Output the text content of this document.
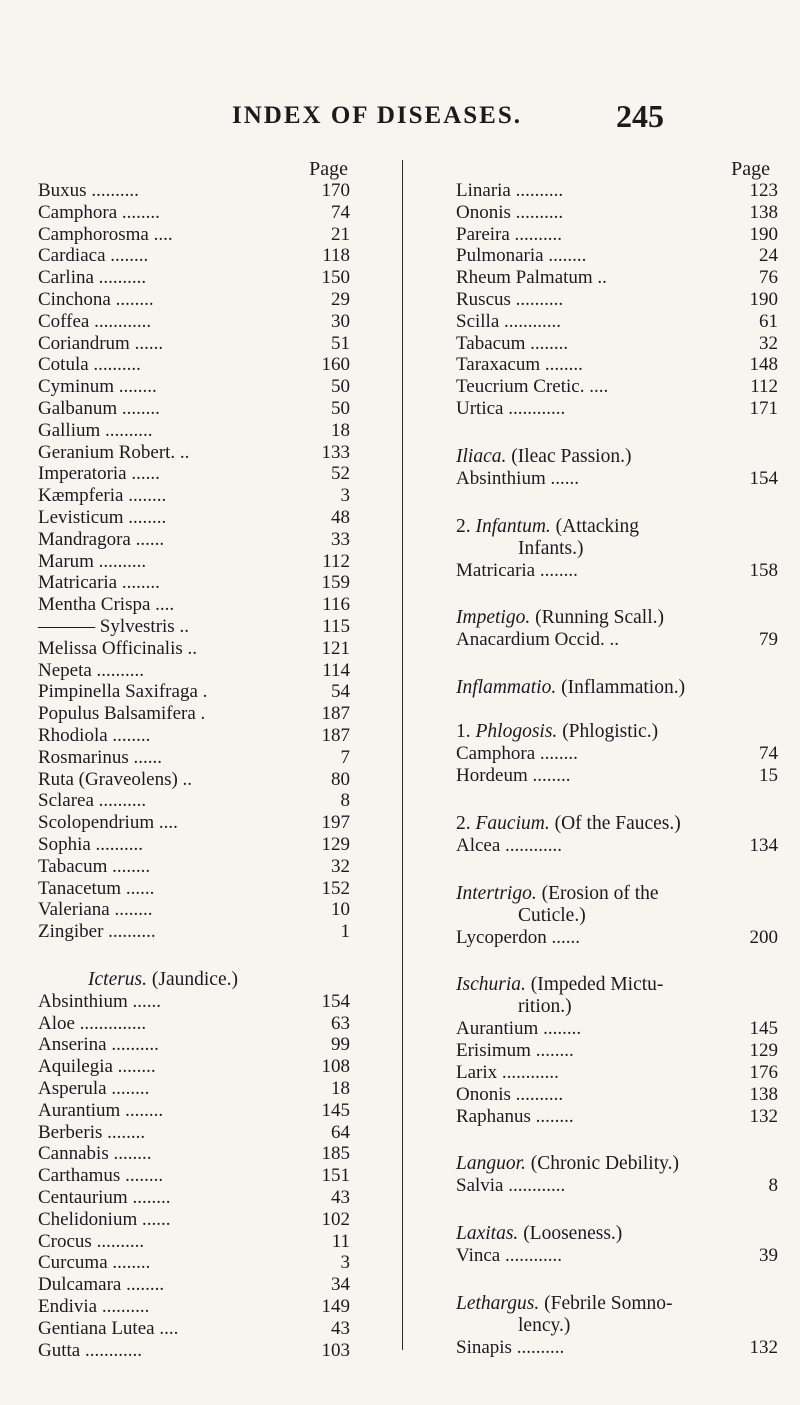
INDEX OF DISEASES.	245
Page
Buxus ..........	170
Camphora ........	74
Camphorosma ....	21
Cardiaca ........	118
Carlina ..........	150
Cinchona ........	29
Coffea ............	30
Coriandrum ......	51
Cotula ..........	160
Cyminum ........	50
Galbanum ........	50
Gallium ..........	18
Geranium Robert. ..	133
Imperatoria ......	52
Kæmpferia ........	3
Levisticum ........	48
Mandragora ......	33
Marum ..........	112
Matricaria ........	159
Mentha Crispa ....	116
——— Sylvestris ..	115
Melissa Officinalis ..	121
Nepeta ..........	114
Pimpinella Saxifraga .	54
Populus Balsamifera .	187
Rhodiola ........	187
Rosmarinus ......	7
Ruta (Graveolens) ..	80
Sclarea ..........	8
Scolopendrium ....	197
Sophia ..........	129
Tabacum ........	32
Tanacetum ......	152
Valeriana ........	10
Zingiber ..........	1
Icterus. (Jaundice.)
Absinthium ......	154
Aloe ..............	63
Anserina ..........	99
Aquilegia ........	108
Asperula ........	18
Aurantium ........	145
Berberis ........	64
Cannabis ........	185
Carthamus ........	151
Centaurium ........	43
Chelidonium ......	102
Crocus ..........	11
Curcuma ........	3
Dulcamara ........	34
Endivia ..........	149
Gentiana Lutea ....	43
Gutta ............	103
Page
Linaria ..........	123
Ononis ..........	138
Pareira ..........	190
Pulmonaria ........	24
Rheum Palmatum ..	76
Ruscus ..........	190
Scilla ............	61
Tabacum ........	32
Taraxacum ........	148
Teucrium Cretic. ....	112
Urtica ............	171
Iliaca. (Ileac Passion.)
Absinthium ......	154
2. Infantum. (Attacking
Infants.)
Matricaria ........	158
Impetigo. (Running Scall.)
Anacardium Occid. ..	79
Inflammatio. (Inflammation.)
1. Phlogosis. (Phlogistic.)
Camphora ........	74
Hordeum ........	15
2. Faucium. (Of the Fauces.)
Alcea ............	134
Intertrigo. (Erosion of the
Cuticle.)
Lycoperdon ......	200
Ischuria. (Impeded Mictu-
rition.)
Aurantium ........	145
Erisimum ........	129
Larix ............	176
Ononis ..........	138
Raphanus ........	132
Languor. (Chronic Debility.)
Salvia ............	8
Laxitas. (Looseness.)
Vinca ............	39
Lethargus. (Febrile Somno-
lency.)
Sinapis ..........	132
